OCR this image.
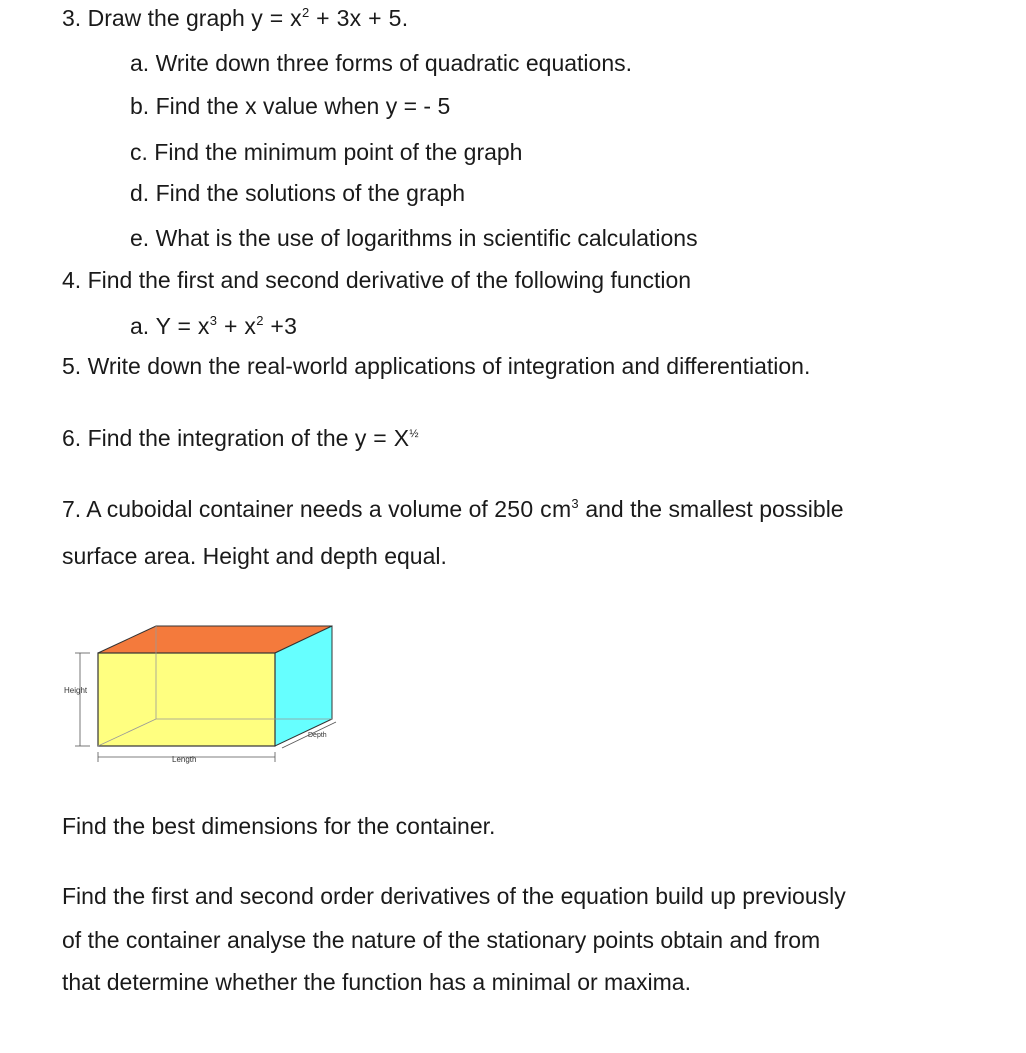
3. Draw the graph $y = x^2 + 3x + 5$.
a. Write down three forms of quadratic equations.
b. Find the x value when y = - 5
c. Find the minimum point of the graph
d. Find the solutions of the graph
e. What is the use of logarithms in scientific calculations
4. Find the first and second derivative of the following function
a. $Y = x^3 + x^2 +3$
5. Write down the real-world applications of integration and differentiation.
6. Find the integration of the $y = X^{\frac{1}{2}}$
7. A cuboidal container needs a volume of 250 $cm^3$ and the smallest possible
surface area. Height and depth equal.
Height
Length
Depth
Find the best dimensions for the container.
Find the first and second order derivatives of the equation build up previously
of the container analyse the nature of the stationary points obtain and from
that determine whether the function has a minimal or maxima.
